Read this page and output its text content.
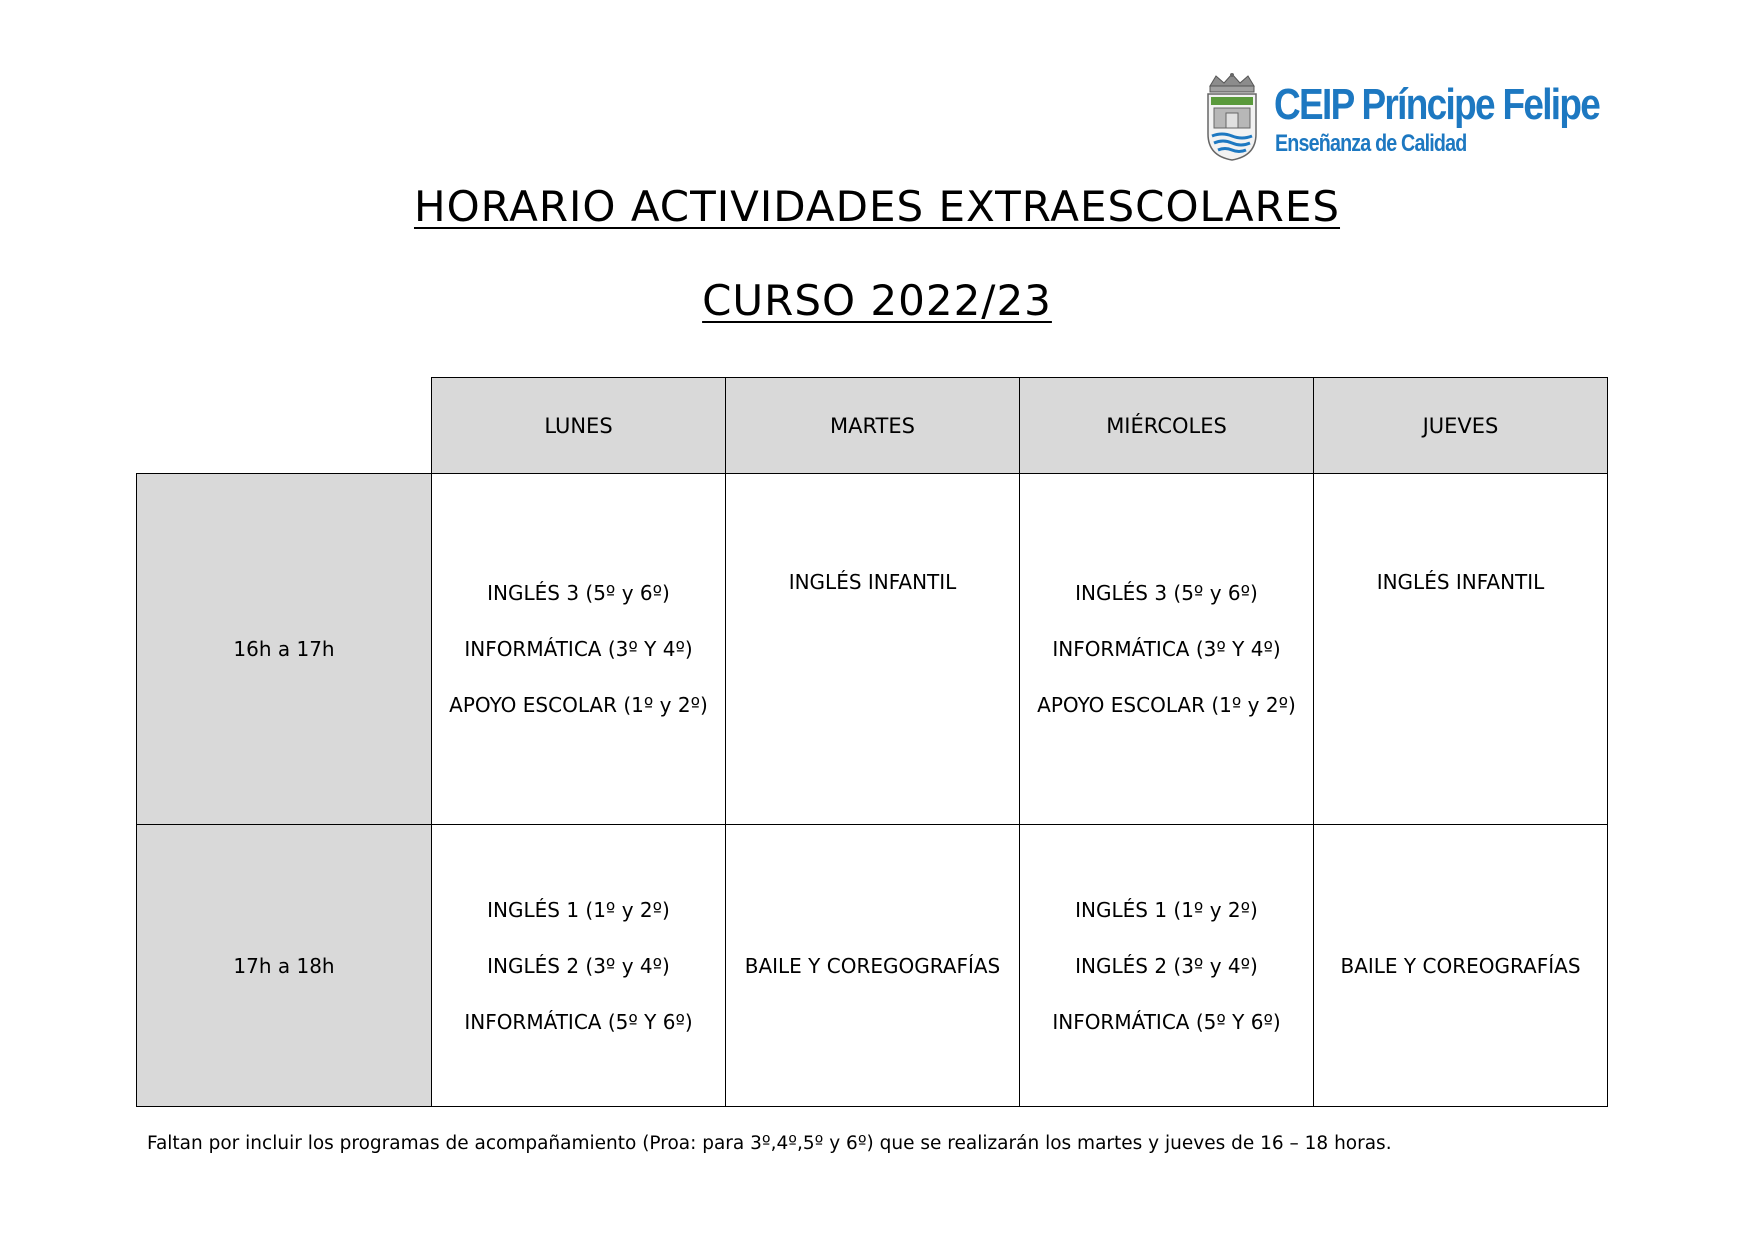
CEIP Príncipe Felipe
Enseñanza de Calidad
HORARIO ACTIVIDADES EXTRAESCOLARES
CURSO 2022/23
	LUNES	MARTES	MIÉRCOLES	JUEVES
16h a 17h	INGLÉS 3 (5º y 6º)
INFORMÁTICA (3º Y 4º)
APOYO ESCOLAR (1º y 2º)	INGLÉS INFANTIL	INGLÉS 3 (5º y 6º)
INFORMÁTICA (3º Y 4º)
APOYO ESCOLAR (1º y 2º)	INGLÉS INFANTIL

17h a 18h	INGLÉS 1 (1º y 2º)
INGLÉS 2 (3º y 4º)
INFORMÁTICA (5º Y 6º)	BAILE Y COREGOGRAFÍAS	INGLÉS 1 (1º y 2º)
INGLÉS 2 (3º y 4º)
INFORMÁTICA (5º Y 6º)	BAILE Y COREOGRAFÍAS

Faltan por incluir los programas de acompañamiento (Proa: para 3º,4º,5º y 6º) que se realizarán los martes y jueves de 16 – 18 horas.
